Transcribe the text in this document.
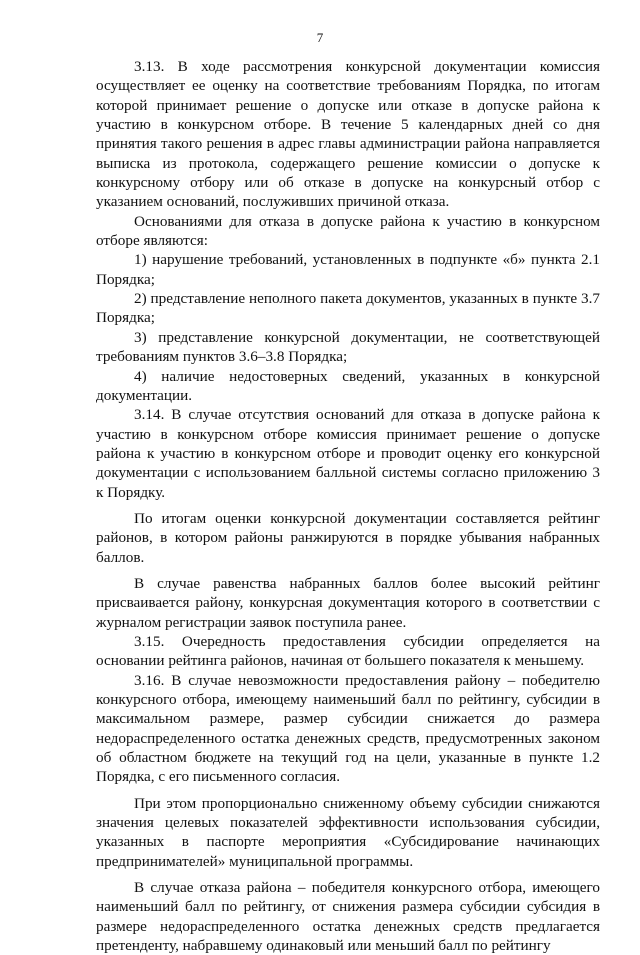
7

3.13. В ходе рассмотрения конкурсной документации комиссия осуществляет ее оценку на соответствие требованиям Порядка, по итогам которой принимает решение о допуске или отказе в допуске района к участию в конкурсном отборе. В течение 5 календарных дней со дня принятия такого решения в адрес главы администрации района направляется выписка из протокола, содержащего решение комиссии о допуске к конкурсному отбору или об отказе в допуске на конкурсный отбор с указанием оснований, послуживших причиной отказа.

Основаниями для отказа в допуске района к участию в конкурсном отборе являются:

1) нарушение требований, установленных в подпункте «б» пункта 2.1 Порядка;

2) представление неполного пакета документов, указанных в пункте 3.7 Порядка;

3) представление конкурсной документации, не соответствующей требованиям пунктов 3.6–3.8 Порядка;

4) наличие недостоверных сведений, указанных в конкурсной документации.

3.14. В случае отсутствия оснований для отказа в допуске района к участию в конкурсном отборе комиссия принимает решение о допуске района к участию в конкурсном отборе и проводит оценку его конкурсной документации с использованием балльной системы согласно приложению 3 к Порядку.

По итогам оценки конкурсной документации составляется рейтинг районов, в котором районы ранжируются в порядке убывания набранных баллов.

В случае равенства набранных баллов более высокий рейтинг присваивается району, конкурсная документация которого в соответствии с журналом регистрации заявок поступила ранее.

3.15. Очередность предоставления субсидии определяется на основании рейтинга районов, начиная от большего показателя к меньшему.

3.16. В случае невозможности предоставления району – победителю конкурсного отбора, имеющему наименьший балл по рейтингу, субсидии в максимальном размере, размер субсидии снижается до размера недораспределенного остатка денежных средств, предусмотренных законом об областном бюджете на текущий год на цели, указанные в пункте 1.2 Порядка, с его письменного согласия.

При этом пропорционально сниженному объему субсидии снижаются значения целевых показателей эффективности использования субсидии, указанных в паспорте мероприятия «Субсидирование начинающих предпринимателей» муниципальной программы.

В случае отказа района – победителя конкурсного отбора, имеющего наименьший балл по рейтингу, от снижения размера субсидии субсидия в размере недораспределенного остатка денежных средств предлагается претенденту, набравшему одинаковый или меньший балл по рейтингу
